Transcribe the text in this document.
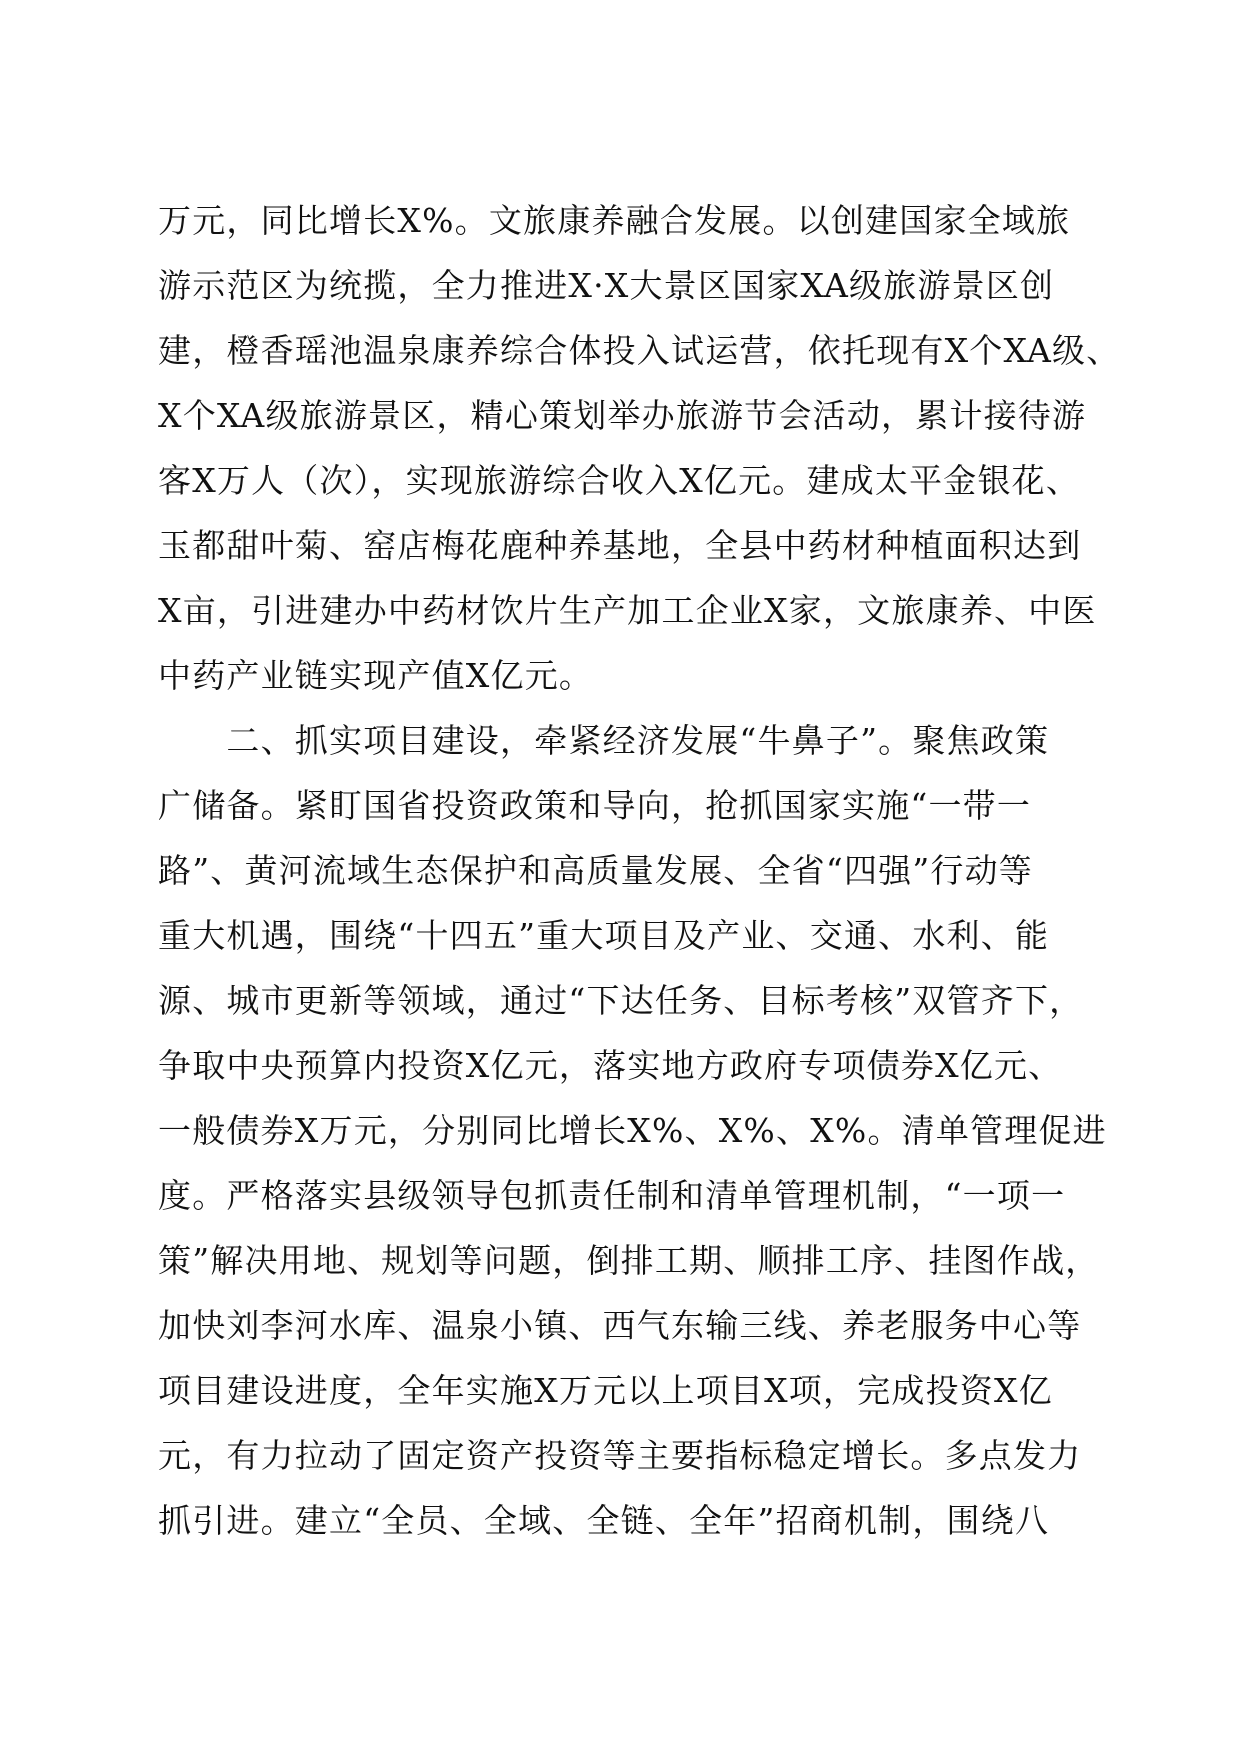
万元，同比增长X%。文旅康养融合发展。以创建国家全域旅
游示范区为统揽，全力推进X·X大景区国家XA级旅游景区创
建，橙香瑶池温泉康养综合体投入试运营，依托现有X个XA级、
X个XA级旅游景区，精心策划举办旅游节会活动，累计接待游
客X万人（次），实现旅游综合收入X亿元。建成太平金银花、
玉都甜叶菊、窑店梅花鹿种养基地，全县中药材种植面积达到
X亩，引进建办中药材饮片生产加工企业X家，文旅康养、中医
中药产业链实现产值X亿元。
　　二、抓实项目建设，牵紧经济发展“牛鼻子”。聚焦政策
广储备。紧盯国省投资政策和导向，抢抓国家实施“一带一
路”、黄河流域生态保护和高质量发展、全省“四强”行动等
重大机遇，围绕“十四五”重大项目及产业、交通、水利、能
源、城市更新等领域，通过“下达任务、目标考核”双管齐下，
争取中央预算内投资X亿元，落实地方政府专项债券X亿元、
一般债券X万元，分别同比增长X%、X%、X%。清单管理促进
度。严格落实县级领导包抓责任制和清单管理机制，“一项一
策”解决用地、规划等问题，倒排工期、顺排工序、挂图作战，
加快刘李河水库、温泉小镇、西气东输三线、养老服务中心等
项目建设进度，全年实施X万元以上项目X项，完成投资X亿
元，有力拉动了固定资产投资等主要指标稳定增长。多点发力
抓引进。建立“全员、全域、全链、全年”招商机制，围绕八
